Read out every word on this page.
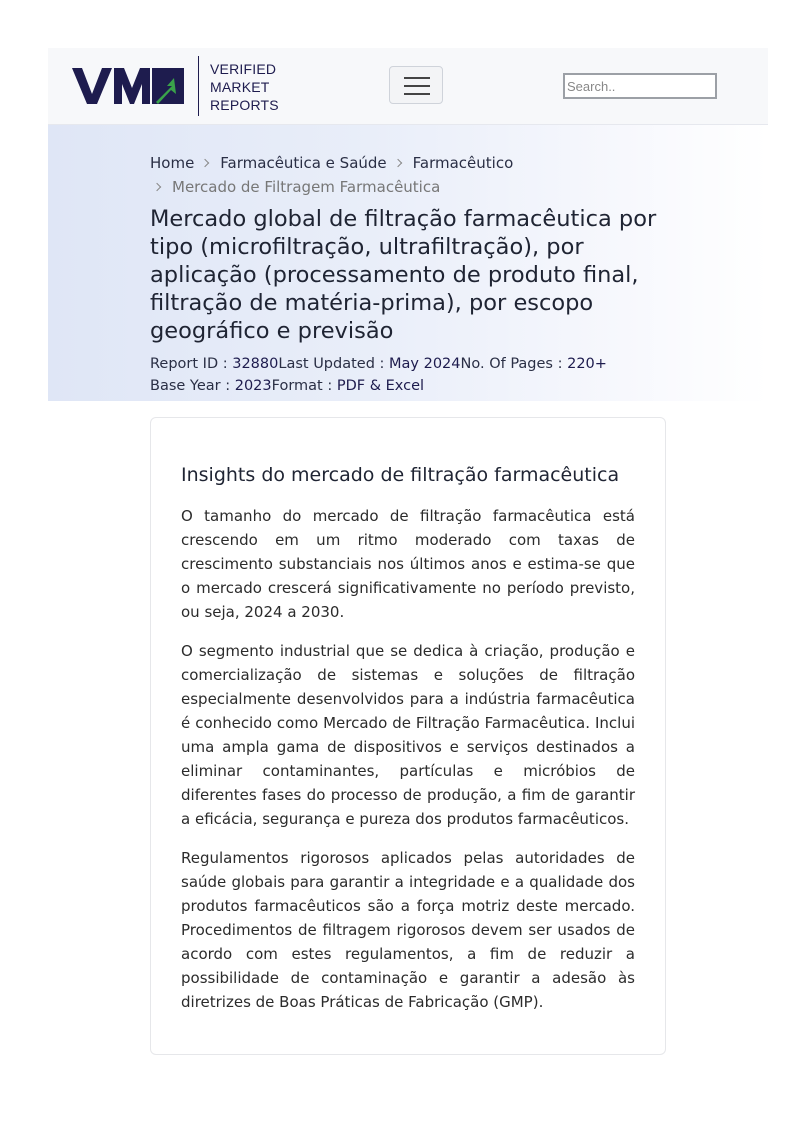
VERIFIED
MARKET
REPORTS
Search..
Home Farmacêutica e Saúde Farmacêutico
Mercado de Filtragem Farmacêutica
Mercado global de filtração farmacêutica por tipo (microfiltração, ultrafiltração), por aplicação (processamento de produto final, filtração de matéria-prima), por escopo geográfico e previsão
Report ID : 32880Last Updated : May 2024No. Of Pages : 220+
Base Year : 2023Format : PDF & Excel
Insights do mercado de filtração farmacêutica

O tamanho do mercado de filtração farmacêutica está crescendo em um ritmo moderado com taxas de crescimento substanciais nos últimos anos e estima-se que o mercado crescerá significativamente no período previsto, ou seja, 2024 a 2030.

O segmento industrial que se dedica à criação, produção e comercialização de sistemas e soluções de filtração especialmente desenvolvidos para a indústria farmacêutica é conhecido como Mercado de Filtração Farmacêutica. Inclui uma ampla gama de dispositivos e serviços destinados a eliminar contaminantes, partículas e micróbios de diferentes fases do processo de produção, a fim de garantir a eficácia, segurança e pureza dos produtos farmacêuticos.

Regulamentos rigorosos aplicados pelas autoridades de saúde globais para garantir a integridade e a qualidade dos produtos farmacêuticos são a força motriz deste mercado. Procedimentos de filtragem rigorosos devem ser usados de acordo com estes regulamentos, a fim de reduzir a possibilidade de contaminação e garantir a adesão às diretrizes de Boas Práticas de Fabricação (GMP).
